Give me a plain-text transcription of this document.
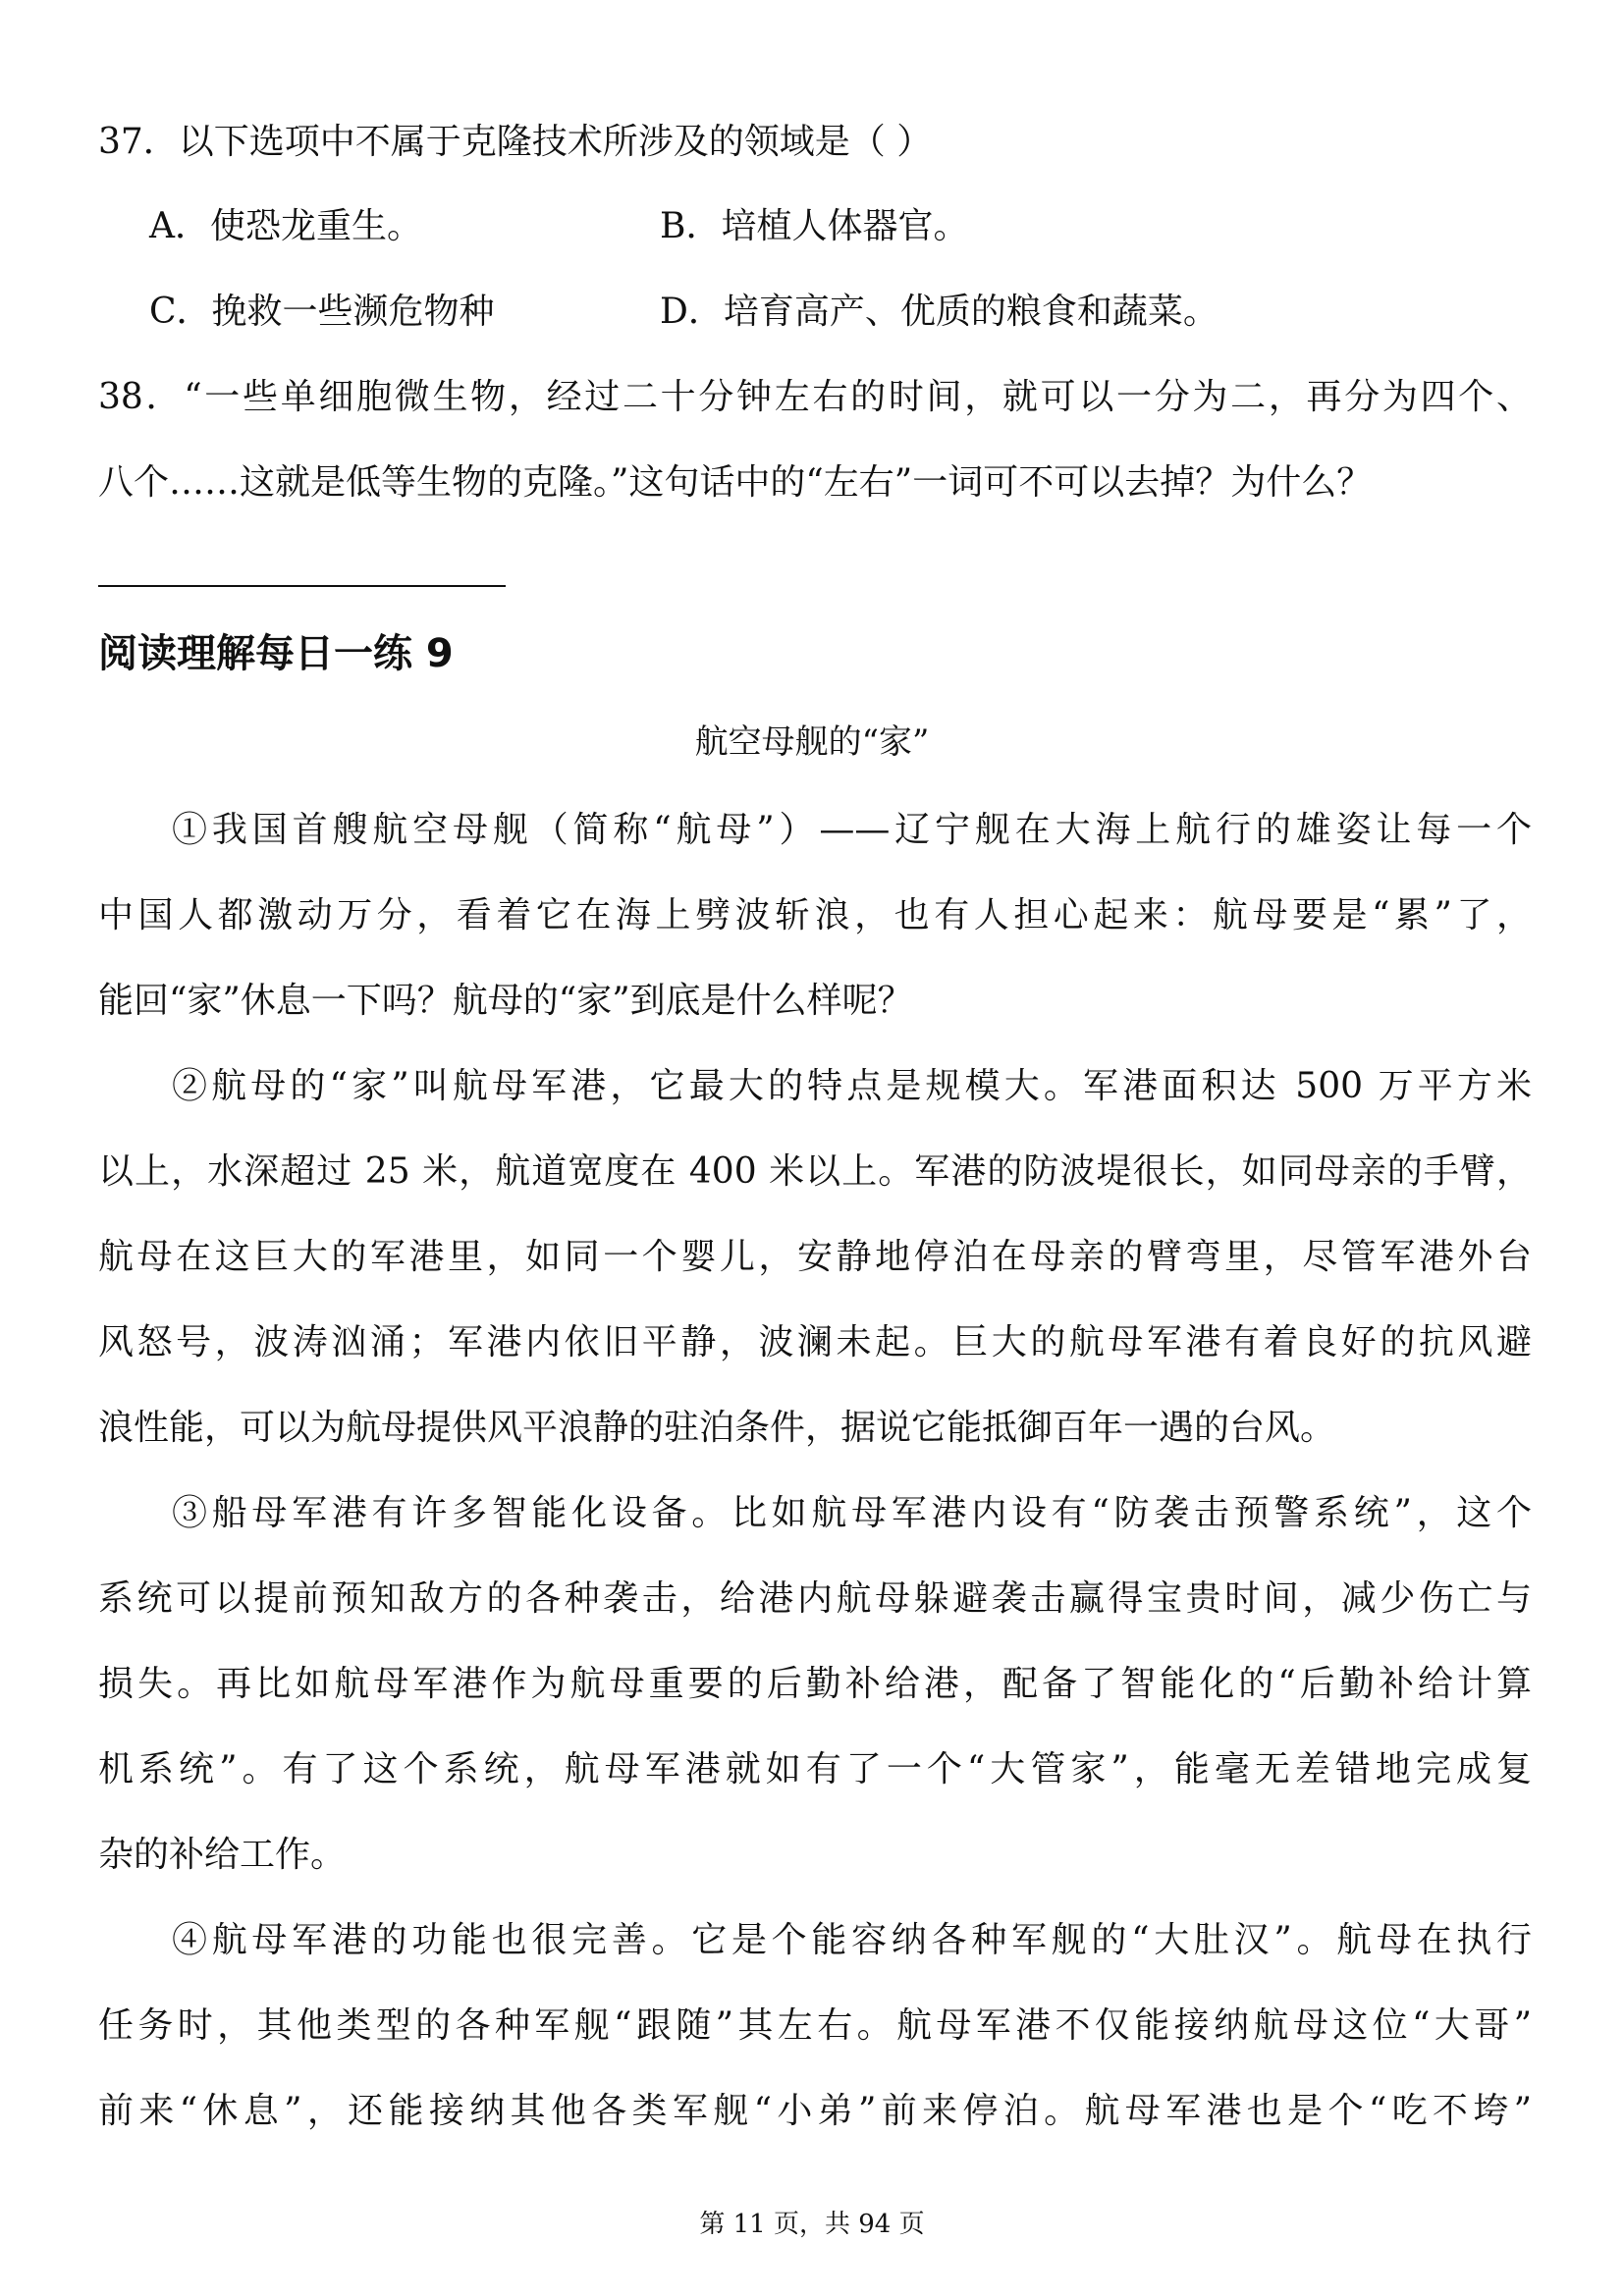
37．以下选项中不属于克隆技术所涉及的领域是（ ）
A．使恐龙重生。	B．培植人体器官。
C．挽救一些濒危物种	D．培育高产、优质的粮食和蔬菜。
38．“一些单细胞微生物，经过二十分钟左右的时间，就可以一分为二，再分为四个、
八个……这就是低等生物的克隆。”这句话中的“左右”一词可不可以去掉？为什么？
阅读理解每日一练 9
航空母舰的“家”
①我国首艘航空母舰（简称“航母”）——辽宁舰在大海上航行的雄姿让每一个
中国人都激动万分，看着它在海上劈波斩浪，也有人担心起来：航母要是“累”了，
能回“家”休息一下吗？航母的“家”到底是什么样呢？
②航母的“家”叫航母军港，它最大的特点是规模大。军港面积达 500 万平方米
以上，水深超过 25 米，航道宽度在 400 米以上。军港的防波堤很长，如同母亲的手臂，
航母在这巨大的军港里，如同一个婴儿，安静地停泊在母亲的臂弯里，尽管军港外台
风怒号，波涛汹涌；军港内依旧平静，波澜未起。巨大的航母军港有着良好的抗风避
浪性能，可以为航母提供风平浪静的驻泊条件，据说它能抵御百年一遇的台风。
③船母军港有许多智能化设备。比如航母军港内设有“防袭击预警系统”，这个
系统可以提前预知敌方的各种袭击，给港内航母躲避袭击赢得宝贵时间，减少伤亡与
损失。再比如航母军港作为航母重要的后勤补给港，配备了智能化的“后勤补给计算
机系统”。有了这个系统，航母军港就如有了一个“大管家”，能毫无差错地完成复
杂的补给工作。
④航母军港的功能也很完善。它是个能容纳各种军舰的“大肚汉”。航母在执行
任务时，其他类型的各种军舰“跟随”其左右。航母军港不仅能接纳航母这位“大哥”
前来“休息”，还能接纳其他各类军舰“小弟”前来停泊。航母军港也是个“吃不垮”
第 11 页，共 94 页
